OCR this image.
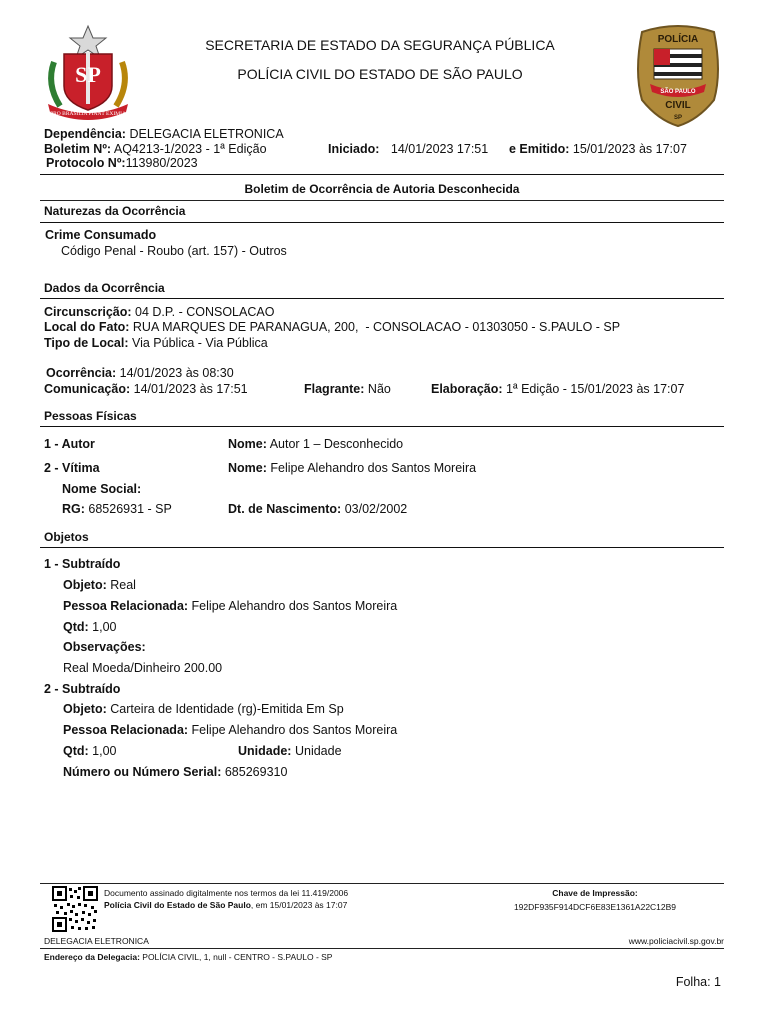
SP
PRO BRASILIA FIANT EXIMIA
SECRETARIA DE ESTADO DA SEGURANÇA PÚBLICA
POLÍCIA CIVIL DO ESTADO DE SÃO PAULO
POLÍCIA
SÃO PAULO
CIVIL
SP
Dependência: DELEGACIA ELETRONICA
Boletim Nº: AQ4213-1/2023 - 1ª Edição	Iniciado: 14/01/2023 17:51 e Emitido: 15/01/2023 às 17:07
Protocolo Nº:113980/2023
Boletim de Ocorrência de Autoria Desconhecida
Naturezas da Ocorrência
Crime Consumado
Código Penal - Roubo (art. 157) - Outros
Dados da Ocorrência
Circunscrição: 04 D.P. - CONSOLACAO
Local do Fato: RUA MARQUES DE PARANAGUA, 200,  - CONSOLACAO - 01303050 - S.PAULO - SP
Tipo de Local: Via Pública - Via Pública
Ocorrência: 14/01/2023 às 08:30
Comunicação: 14/01/2023 às 17:51	Flagrante: Não	Elaboração: 1ª Edição - 15/01/2023 às 17:07
Pessoas Físicas
1 - Autor	Nome: Autor 1 – Desconhecido
2 - Vítima	Nome: Felipe Alehandro dos Santos Moreira
Nome Social:
RG: 68526931 - SP	Dt. de Nascimento: 03/02/2002
Objetos
1 - Subtraído
Objeto: Real
Pessoa Relacionada: Felipe Alehandro dos Santos Moreira
Qtd: 1,00
Observações:
Real Moeda/Dinheiro 200.00
2 - Subtraído
Objeto: Carteira de Identidade (rg)-Emitida Em Sp
Pessoa Relacionada: Felipe Alehandro dos Santos Moreira
Qtd: 1,00	Unidade: Unidade
Número ou Número Serial: 685269310
Documento assinado digitalmente nos termos da lei 11.419/2006
Polícia Civil do Estado de São Paulo, em 15/01/2023 às 17:07
Chave de Impressão:
192DF935F914DCF6E83E1361A22C12B9
DELEGACIA ELETRONICA	www.policiacivil.sp.gov.br
Endereço da Delegacia: POLÍCIA CIVIL, 1, null - CENTRO - S.PAULO - SP
Folha: 1
